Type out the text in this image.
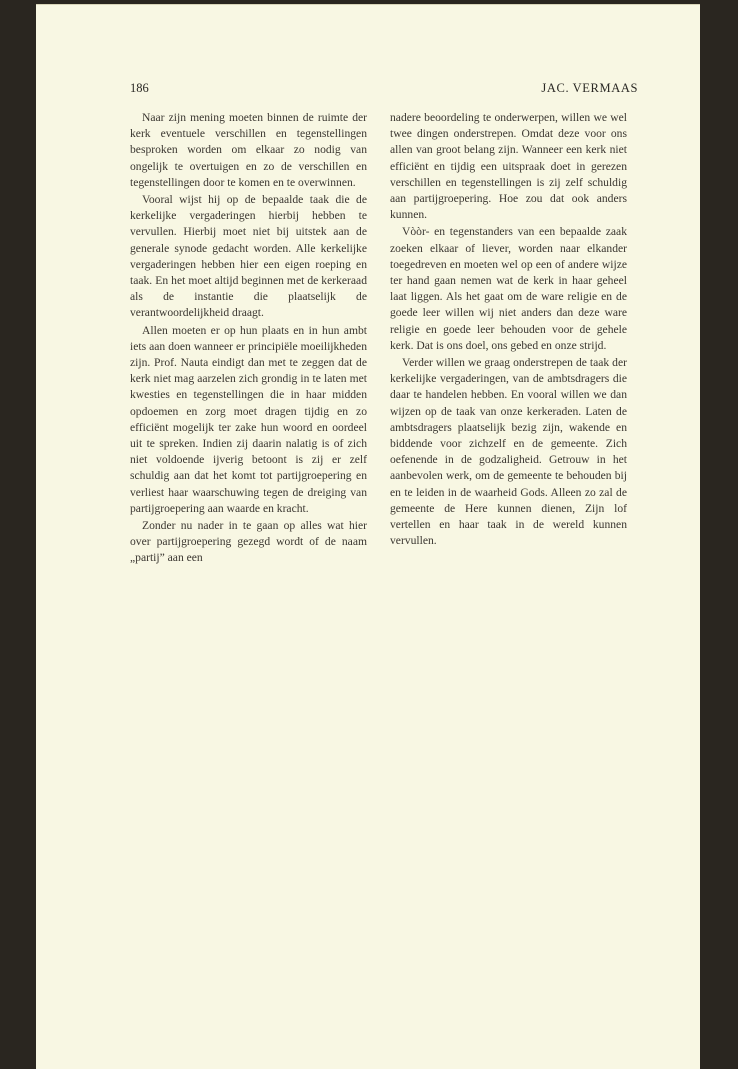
186	JAC. VERMAAS

Naar zijn mening moeten binnen de ruimte der kerk eventuele verschillen en tegenstellingen besproken worden om elkaar zo nodig van ongelijk te overtuigen en zo de verschillen en tegenstellingen door te komen en te overwinnen.

Vooral wijst hij op de bepaalde taak die de kerkelijke vergaderingen hierbij hebben te vervullen. Hierbij moet niet bij uitstek aan de generale synode gedacht worden. Alle kerkelijke vergaderingen hebben hier een eigen roeping en taak. En het moet altijd beginnen met de kerkeraad als de instantie die plaatselijk de verantwoordelijkheid draagt.

Allen moeten er op hun plaats en in hun ambt iets aan doen wanneer er principiële moeilijkheden zijn. Prof. Nauta eindigt dan met te zeggen dat de kerk niet mag aarzelen zich grondig in te laten met kwesties en tegenstellingen die in haar midden opdoemen en zorg moet dragen tijdig en zo efficiënt mogelijk ter zake hun woord en oordeel uit te spreken. Indien zij daarin nalatig is of zich niet voldoende ijverig betoont is zij er zelf schuldig aan dat het komt tot partijgroepering en verliest haar waarschuwing tegen de dreiging van partijgroepering aan waarde en kracht.

Zonder nu nader in te gaan op alles wat hier over partijgroepering gezegd wordt of de naam „partij” aan een

nadere beoordeling te onderwerpen, willen we wel twee dingen onderstrepen. Omdat deze voor ons allen van groot belang zijn. Wanneer een kerk niet efficiënt en tijdig een uitspraak doet in gerezen verschillen en tegenstellingen is zij zelf schuldig aan partijgroepering. Hoe zou dat ook anders kunnen.

Vòòr- en tegenstanders van een bepaalde zaak zoeken elkaar of liever, worden naar elkander toegedreven en moeten wel op een of andere wijze ter hand gaan nemen wat de kerk in haar geheel laat liggen. Als het gaat om de ware religie en de goede leer willen wij niet anders dan deze ware religie en goede leer behouden voor de gehele kerk. Dat is ons doel, ons gebed en onze strijd.

Verder willen we graag onderstrepen de taak der kerkelijke vergaderingen, van de ambtsdragers die daar te handelen hebben. En vooral willen we dan wijzen op de taak van onze kerkeraden. Laten de ambtsdragers plaatselijk bezig zijn, wakende en biddende voor zichzelf en de gemeente. Zich oefenende in de godzaligheid. Getrouw in het aanbevolen werk, om de gemeente te behouden bij en te leiden in de waarheid Gods. Alleen zo zal de gemeente de Here kunnen dienen, Zijn lof vertellen en haar taak in de wereld kunnen vervullen.
